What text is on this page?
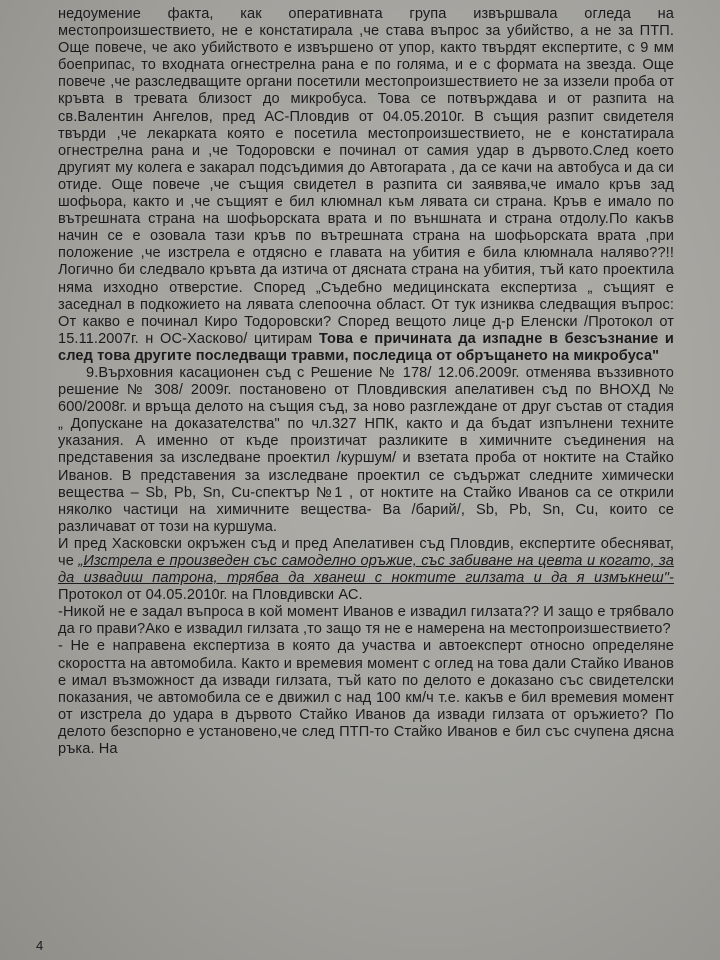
недоумение факта, как оперативната група извършвала огледа на местопроизшествието, не е констатирала ,че става въпрос за убийство, а не за ПТП. Още повече, че ако убийството е извършено от упор, както твърдят експертите, с 9 мм боеприпас, то входната огнестрелна рана е по голяма, и е с формата на звезда. Още повече ,че разследващите органи посетили местопроизшествието не за иззели проба от кръвта в тревата близост до микробуса. Това се потвърждава и от разпита на св.Валентин Ангелов, пред АС-Пловдив от 04.05.2010г. В същия разпит свидетеля твърди ,че лекарката която е посетила местопроизшествието, не е констатирала огнестрелна рана и ,че Тодоровски е починал от самия удар в дървото.След което другият му колега е закарал подсъдимия до Автогарата , да се качи на автобуса и да си отиде. Още повече ,че същия свидетел в разпита си заявява,че имало кръв зад шофьора, както и ,че същият е бил клюмнал към лявата си страна. Кръв е имало по вътрешната страна на шофьорската врата и по външната и страна отдолу.По какъв начин се е озовала тази кръв по вътрешната страна на шофьорската врата ,при положение ,че изстрела е отдясно е главата на убития е била клюмнала наляво??!! Логично би следвало кръвта да изтича от дясната страна на убития, тъй като проектила няма изходно отверстие. Според „Съдебно медицинската експертиза „ същият е заседнал в подкожието на лявата слепоочна област. От тук изниква следващия въпрос: От какво е починал Киро Тодоровски? Според вещото лице д-р Еленски /Протокол от 15.11.2007г. н ОС-Хасково/ цитирам Това е причината да изпадне в безсъзнание и след това другите последващи травми, последица от обръщането на микробуса"

9.Върховния касационен съд с Решение № 178/ 12.06.2009г. отменява въззивното решение № 308/ 2009г. постановено от Пловдивския апелативен съд по ВНОХД № 600/2008г. и връща делото на същия съд, за ново разглеждане от друг състав от стадия „ Допускане на доказателства" по чл.327 НПК, както и да бъдат изпълнени техните указания. А именно от къде произтичат разликите в химичните съединения на представения за изследване проектил /куршум/ и взетата проба от ноктите на Стайко Иванов. В представения за изследване проектил се съдържат следните химически вещества – Sb, Pb, Sn, Cu-спектър №1 , от ноктите на Стайко Иванов са се открили няколко частици на химичните вещества- Ba /барий/, Sb, Pb, Sn, Cu, които се различават от този на куршума.

И пред Хасковски окръжен съд и пред Апелативен съд Пловдив, експертите обесняват, че „Изстрела е произведен със самоделно оръжие, със забиване на цевта и когато, за да извадиш патрона, трябва да хванеш с ноктите гилзата и да я измъкнеш"- Протокол от 04.05.2010г. на Пловдивски АС.

-Никой не е задал въпроса в кой момент Иванов е извадил гилзата?? И защо е трябвало да го прави?Ако е извадил гилзата ,то защо тя не е намерена на местопроизшествието?

- Не е направена експертиза в която да участва и автоексперт относно определяне скоростта на автомобила. Както и времевия момент с оглед на това дали Стайко Иванов е имал възможност да извади гилзата, тъй като по делото е доказано със свидетелски показания, че автомобила се е движил с над 100 км/ч т.е. какъв е бил времевия момент от изстрела до удара в дървото Стайко Иванов да извади гилзата от оръжието? По делото безспорно е установено,че след ПТП-то Стайко Иванов е бил със счупена дясна ръка. На

4
